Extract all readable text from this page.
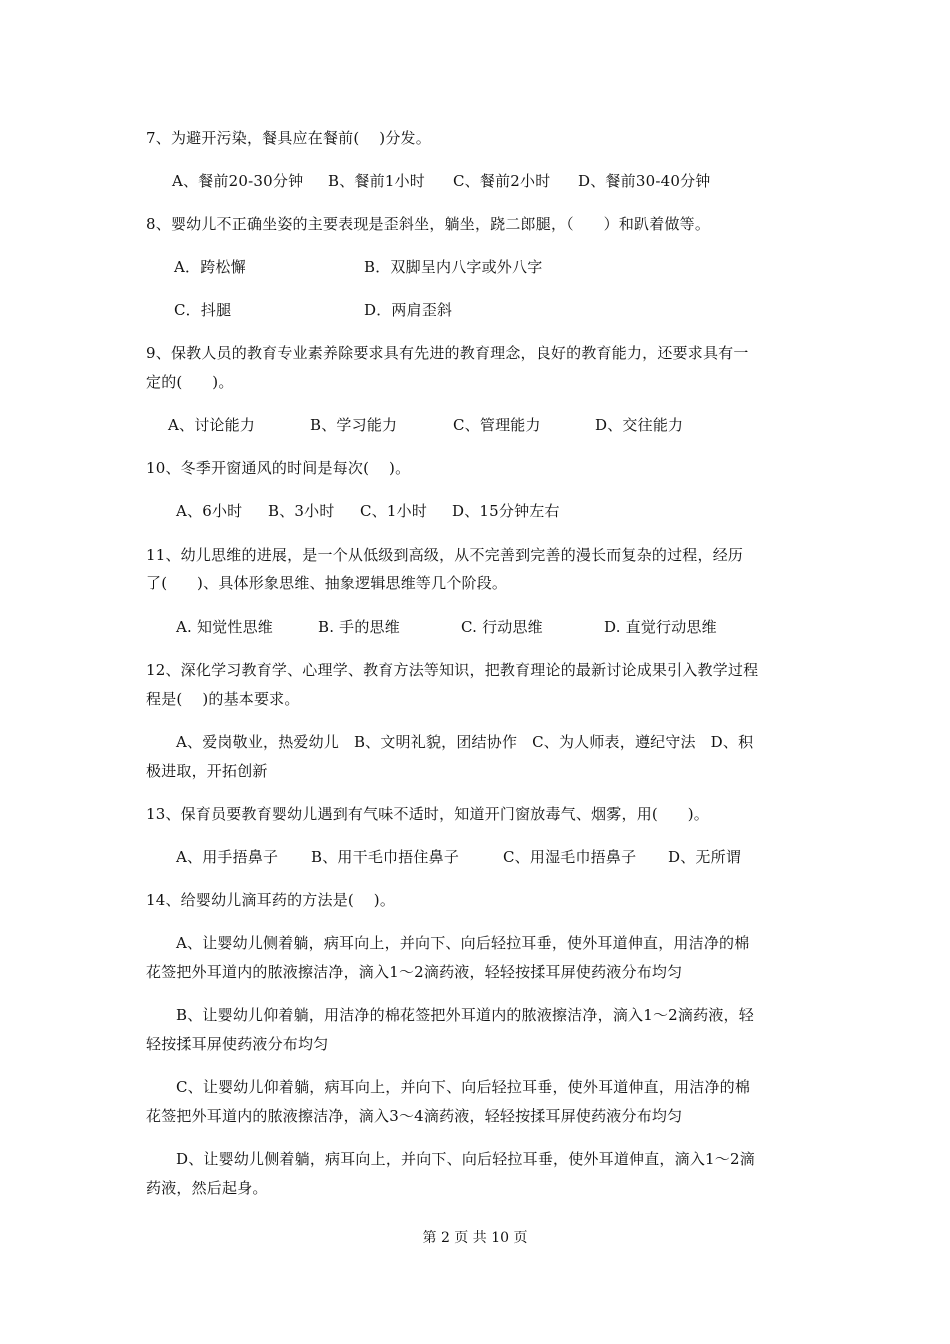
7、为避开污染，餐具应在餐前(    )分发。
A、餐前20-30分钟 B、餐前1小时 C、餐前2小时 D、餐前30-40分钟
8、婴幼儿不正确坐姿的主要表现是歪斜坐，躺坐，跷二郎腿，（      ）和趴着做等。
A．跨松懈	B．双脚呈内八字或外八字
C．抖腿	D．两肩歪斜
9、保教人员的教育专业素养除要求具有先进的教育理念，良好的教育能力，还要求具有一
定的(      )。
A、讨论能力	B、学习能力	C、管理能力	D、交往能力
10、冬季开窗通风的时间是每次(    )。
A、6小时 B、3小时 C、1小时 D、15分钟左右
11、幼儿思维的进展，是一个从低级到高级，从不完善到完善的漫长而复杂的过程，经历
了(      )、具体形象思维、抽象逻辑思维等几个阶段。
A. 知觉性思维	B. 手的思维	C. 行动思维	D. 直觉行动思维
12、深化学习教育学、心理学、教育方法等知识，把教育理论的最新讨论成果引入教学过程
程是(    )的基本要求。
A、爱岗敬业，热爱幼儿   B、文明礼貌，团结协作   C、为人师表，遵纪守法   D、积
极进取，开拓创新
13、保育员要教育婴幼儿遇到有气味不适时，知道开门窗放毒气、烟雾，用(      )。
A、用手捂鼻子 B、用干毛巾捂住鼻子	C、用湿毛巾捂鼻子 D、无所谓
14、给婴幼儿滴耳药的方法是(    )。
A、让婴幼儿侧着躺，病耳向上，并向下、向后轻拉耳垂，使外耳道伸直，用洁净的棉
花签把外耳道内的脓液擦洁净，滴入1～2滴药液，轻轻按揉耳屏使药液分布均匀
B、让婴幼儿仰着躺，用洁净的棉花签把外耳道内的脓液擦洁净，滴入1～2滴药液，轻
轻按揉耳屏使药液分布均匀
C、让婴幼儿仰着躺，病耳向上，并向下、向后轻拉耳垂，使外耳道伸直，用洁净的棉
花签把外耳道内的脓液擦洁净，滴入3～4滴药液，轻轻按揉耳屏使药液分布均匀
D、让婴幼儿侧着躺，病耳向上，并向下、向后轻拉耳垂，使外耳道伸直，滴入1～2滴
药液，然后起身。
第 2 页 共 10 页
